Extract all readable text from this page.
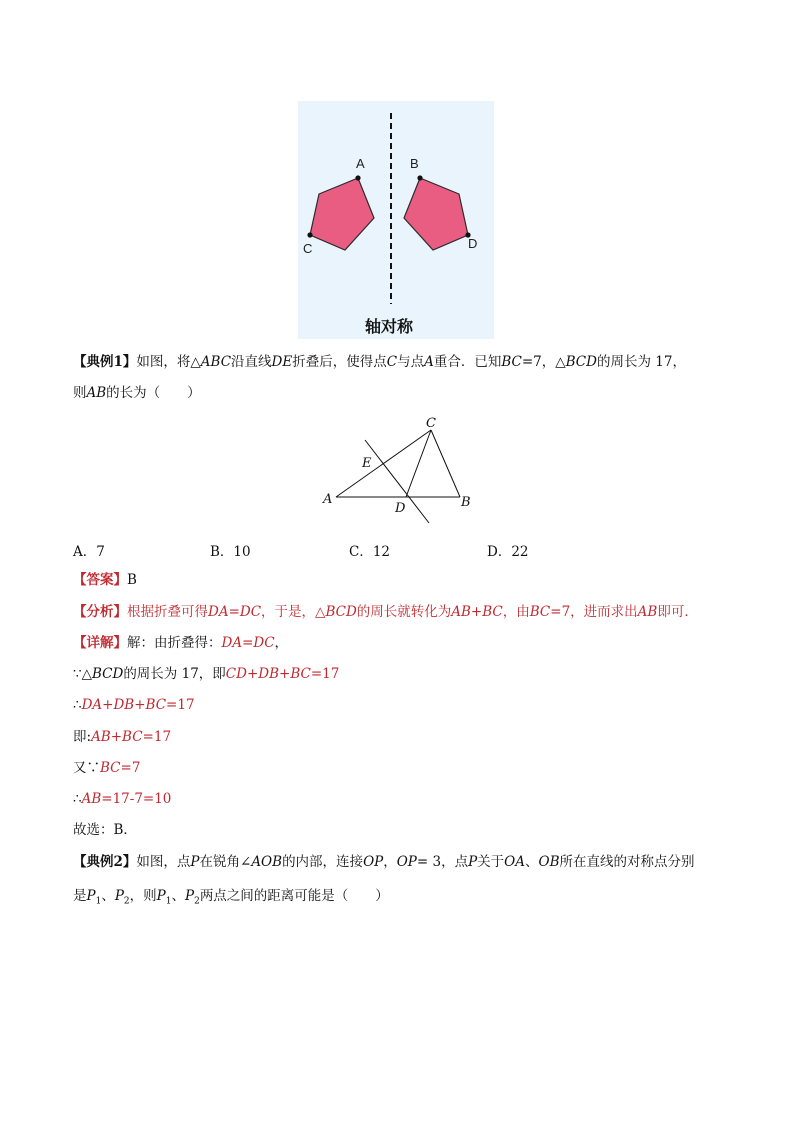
A
C
B
D
轴对称
【典例1】如图，将△ABC沿直线DE折叠后，使得点C与点A重合．已知BC=7，△BCD的周长为 17，
则AB的长为（　　）
C
E
A
D	B
A．7	B．10	C．12	D．22
【答案】B
【分析】根据折叠可得DA=DC，于是，△BCD的周长就转化为AB+BC，由BC=7，进而求出AB即可．
【详解】解：由折叠得：DA=DC，
∵△BCD的周长为 17，即CD+DB+BC=17
∴DA+DB+BC=17
即:AB+BC=17
又∵BC=7
∴AB=17-7=10
故选：B．
【典例2】如图，点P在锐角∠AOB的内部，连接OP，OP= 3，点P关于OA、OB所在直线的对称点分别
是$P_1$、$P_2$，则$P_1$、$P_2$两点之间的距离可能是（　　）
